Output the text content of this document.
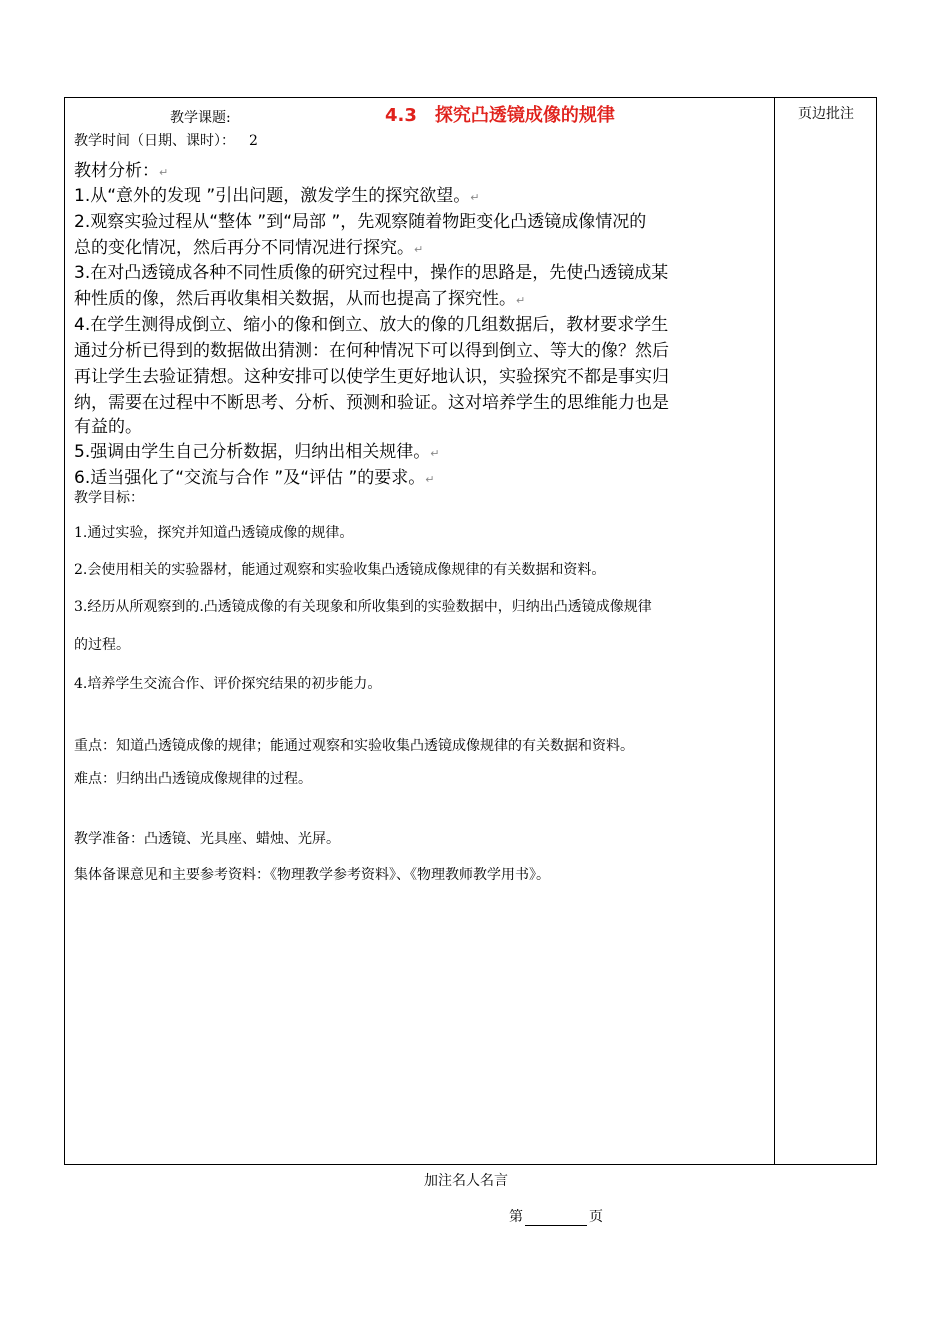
页边批注
教学课题:	4.3　探究凸透镜成像的规律
教学时间（日期、课时）： 2
教材分析：↵
1.从“意外的发现 ”引出问题，激发学生的探究欲望。↵
2.观察实验过程从“整体 ”到“局部 ”，先观察随着物距变化凸透镜成像情况的
总的变化情况，然后再分不同情况进行探究。↵
3.在对凸透镜成各种不同性质像的研究过程中，操作的思路是，先使凸透镜成某
种性质的像，然后再收集相关数据，从而也提高了探究性。↵
4.在学生测得成倒立、缩小的像和倒立、放大的像的几组数据后，教材要求学生
通过分析已得到的数据做出猜测：在何种情况下可以得到倒立、等大的像？然后
再让学生去验证猜想。这种安排可以使学生更好地认识，实验探究不都是事实归
纳，需要在过程中不断思考、分析、预测和验证。这对培养学生的思维能力也是
有益的。
5.强调由学生自己分析数据，归纳出相关规律。↵
6.适当强化了“交流与合作 ”及“评估 ”的要求。↵
教学目标：
1.通过实验，探究并知道凸透镜成像的规律。
2.会使用相关的实验器材，能通过观察和实验收集凸透镜成像规律的有关数据和资料。
3.经历从所观察到的.凸透镜成像的有关现象和所收集到的实验数据中，归纳出凸透镜成像规律
的过程。
4.培养学生交流合作、评价探究结果的初步能力。
重点：知道凸透镜成像的规律；能通过观察和实验收集凸透镜成像规律的有关数据和资料。
难点：归纳出凸透镜成像规律的过程。
教学准备：凸透镜、光具座、蜡烛、光屏。
集体备课意见和主要参考资料：《物理教学参考资料》、《物理教师教学用书》。
加注名人名言
第	页
